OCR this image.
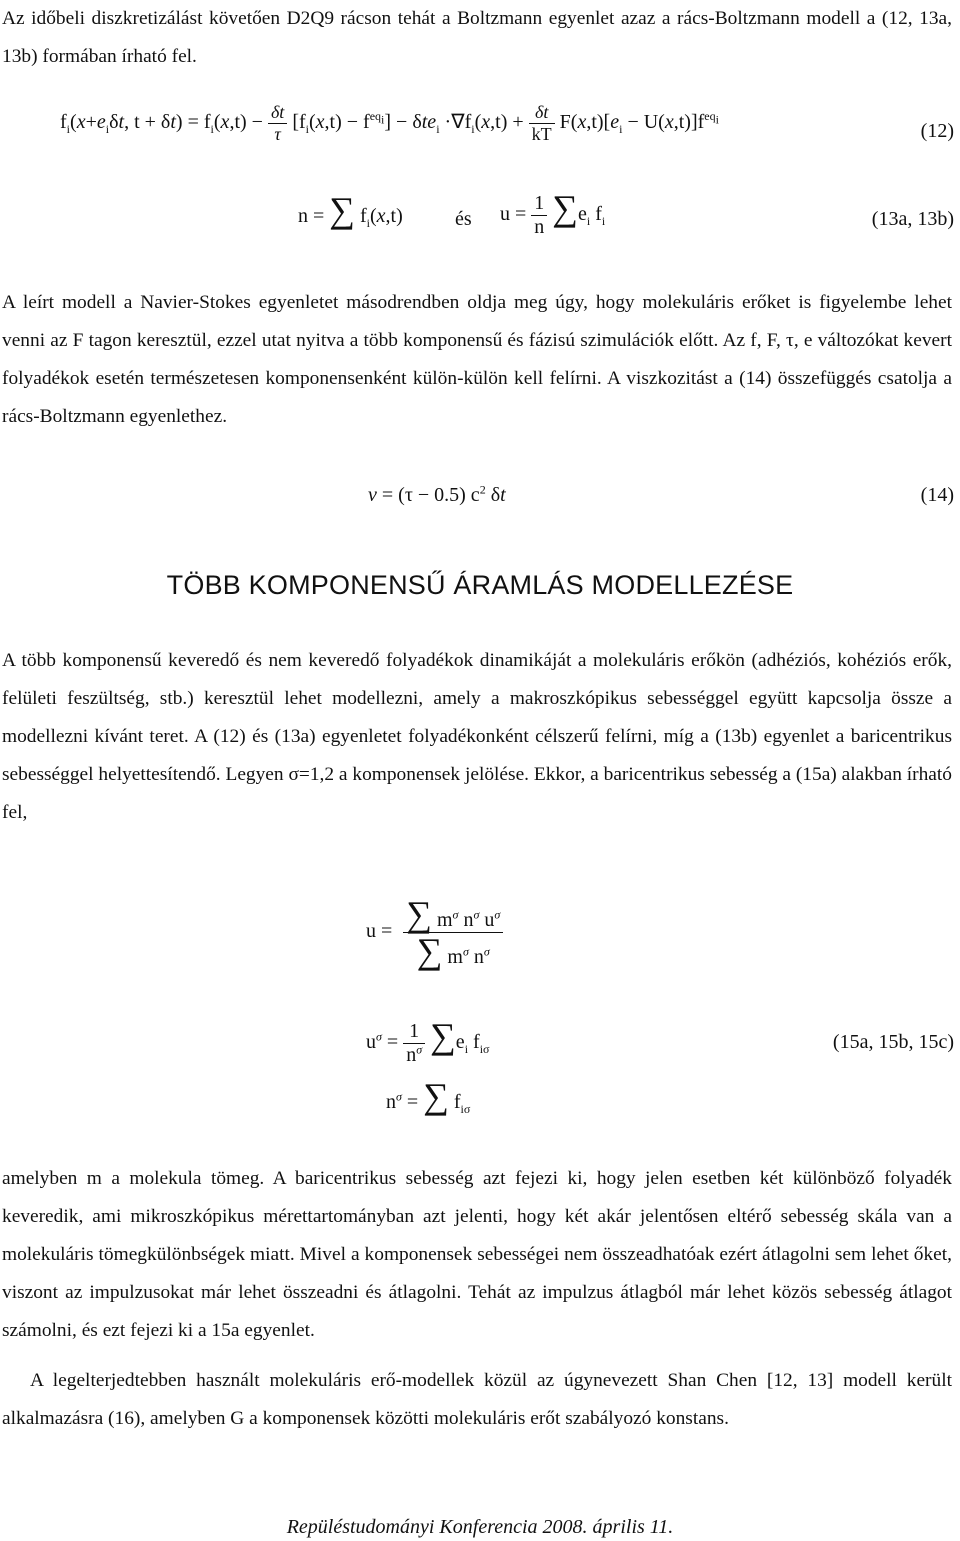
Az időbeli diszkretizálást követően D2Q9 rácson tehát a Boltzmann egyenlet azaz a rács-Boltzmann modell a (12, 13a, 13b) formában írható fel.

$f_i(x+e_i\delta t$, $t + \delta t) = f_i(x,t) - \frac{\delta t}{\tau} [f_i(x,t) - f^{eq_i}] - \delta te_i \cdot\nabla f_i(x,t) + \frac{\delta t}{kT} F(x,t)[e_i - U(x,t)]f^{eq_i}$
(12)
n = ∑ $f_i(x,t)$	és $u = \frac{1}{n} \sum e_i$ $f_i$	(13a, 13b)

A leírt modell a Navier-Stokes egyenletet másodrendben oldja meg úgy, hogy molekuláris erőket is figyelembe lehet venni az F tagon keresztül, ezzel utat nyitva a több komponensű és fázisú szimulációk előtt. Az f, F, τ, e változókat kevert folyadékok esetén természetesen komponensenként külön-külön kell felírni. A viszkozitást a (14) összefüggés csatolja a rács-Boltzmann egyenlethez.

ν = (τ − 0.5) $c^2$ δt	(14)
TÖBB KOMPONENSŰ ÁRAMLÁS MODELLEZÉSE

A több komponensű keveredő és nem keveredő folyadékok dinamikáját a molekuláris erőkön (adhéziós, kohéziós erők, felületi feszültség, stb.) keresztül lehet modellezni, amely a makroszkópikus sebességgel együtt kapcsolja össze a modellezni kívánt teret. A (12) és (13a) egyenletet folyadékonként célszerű felírni, míg a (13b) egyenlet a baricentrikus sebességgel helyettesítendő. Legyen σ=1,2 a komponensek jelölése. Ekkor, a baricentrikus sebesség a (15a) alakban írható fel,

$u = \frac{\sum m^\sigma n^\sigma u^\sigma}{\sum m^\sigma n^\sigma}$
$u^\sigma = \frac{1}{n^\sigma} \sum e_i$ $f_{i\sigma}$
$n^\sigma$ = ∑ $f_{i\sigma}$
(15a, 15b, 15c)

amelyben m a molekula tömeg. A baricentrikus sebesség azt fejezi ki, hogy jelen esetben két különböző folyadék keveredik, ami mikroszkópikus mérettartományban azt jelenti, hogy két akár jelentősen eltérő sebesség skála van a molekuláris tömegkülönbségek miatt. Mivel a komponensek sebességei nem összeadhatóak ezért átlagolni sem lehet őket, viszont az impulzusokat már lehet összeadni és átlagolni. Tehát az impulzus átlagból már lehet közös sebesség átlagot számolni, és ezt fejezi ki a 15a egyenlet.

A legelterjedtebben használt molekuláris erő-modellek közül az úgynevezett Shan Chen [12, 13] modell került alkalmazásra (16), amelyben G a komponensek közötti molekuláris erőt szabályozó konstans.

Repüléstudományi Konferencia 2008. április 11.
